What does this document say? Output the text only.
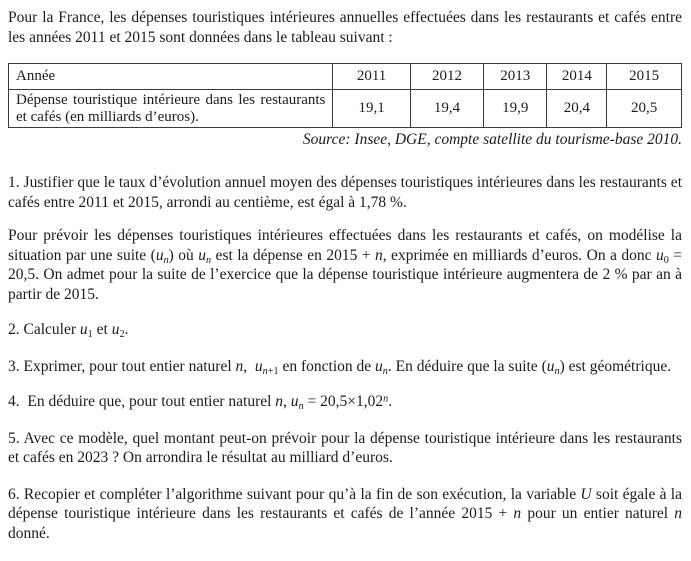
Pour la France, les dépenses touristiques intérieures annuelles effectuées dans les restaurants et cafés entre les années 2011 et 2015 sont données dans le tableau suivant :

Année	2011	2012	2013	2014	2015
Dépense touristique intérieure dans les restaurants et cafés (en milliards d’euros).	19,1	19,4	19,9	20,4	20,5

Source: Insee, DGE, compte satellite du tourisme-base 2010.

1. Justifier que le taux d’évolution annuel moyen des dépenses touristiques intérieures dans les restaurants et cafés entre 2011 et 2015, arrondi au centième, est égal à 1,78 %.

Pour prévoir les dépenses touristiques intérieures effectuées dans les restaurants et cafés, on modélise la situation par une suite $(u_n)$ où $u_n$ est la dépense en 2015 + n, exprimée en milliards d’euros. On a donc $u_0 = 20,5$. On admet pour la suite de l’exercice que la dépense touristique intérieure augmentera de 2 % par an à partir de 2015.

2. Calculer $u_1$ et $u_2$.

3. Exprimer, pour tout entier naturel n,  $u_{n+1}$ en fonction de $u_n$. En déduire que la suite $(u_n)$ est géométrique.

4.  En déduire que, pour tout entier naturel n, $u_n = 20,5\times 1,02^n$.

5. Avec ce modèle, quel montant peut-on prévoir pour la dépense touristique intérieure dans les restaurants et cafés en 2023 ? On arrondira le résultat au milliard d’euros.

6. Recopier et compléter l’algorithme suivant pour qu’à la fin de son exécution, la variable U soit égale à la dépense touristique intérieure dans les restaurants et cafés de l’année 2015 + n pour un entier naturel n donné.
